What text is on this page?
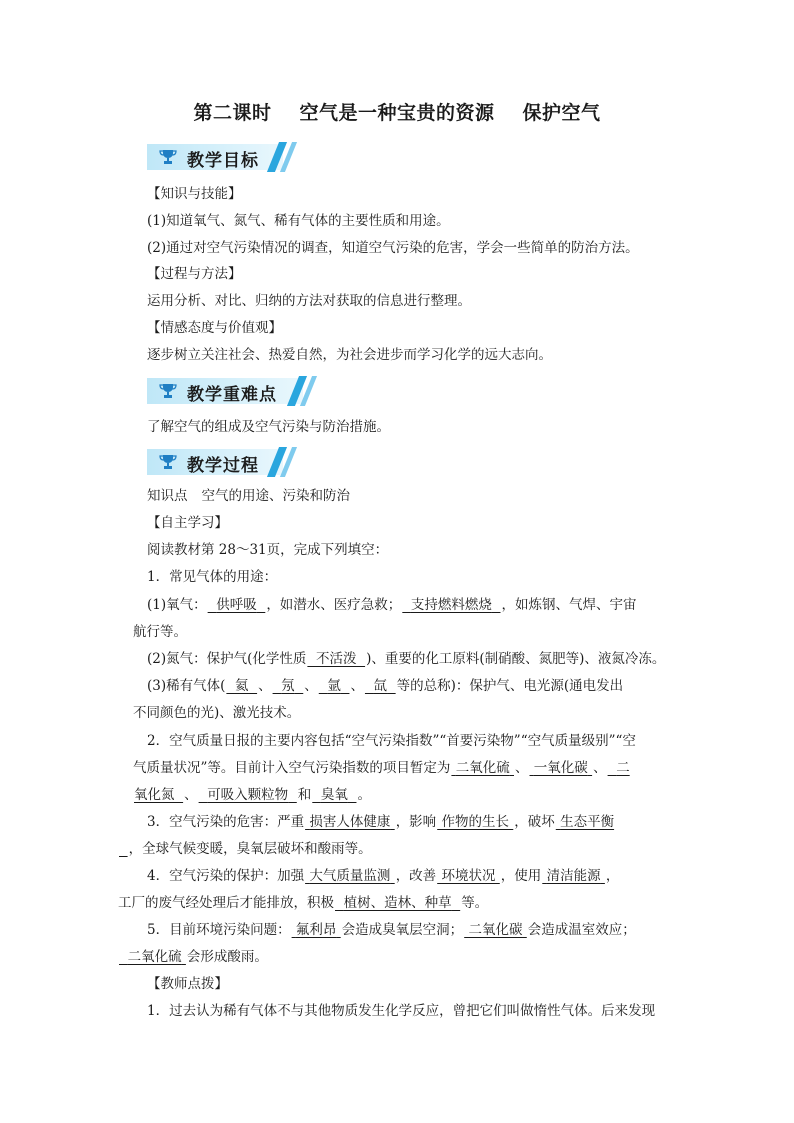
第二课时 空气是一种宝贵的资源 保护空气
教学目标
【知识与技能】
(1)知道氧气、氮气、稀有气体的主要性质和用途。
(2)通过对空气污染情况的调查，知道空气污染的危害，学会一些简单的防治方法。
【过程与方法】
运用分析、对比、归纳的方法对获取的信息进行整理。
【情感态度与价值观】
逐步树立关注社会、热爱自然，为社会进步而学习化学的远大志向。
教学重难点
了解空气的组成及空气污染与防治措施。
教学过程
知识点 空气的用途、污染和防治
【自主学习】
阅读教材第 28～31页，完成下列填空：
1．常见气体的用途：
(1)氧气： 供呼吸 ，如潜水、医疗急救； 支持燃料燃烧 ，如炼钢、气焊、宇宙
航行等。
(2)氮气：保护气(化学性质 不活泼 )、重要的化工原料(制硝酸、氮肥等)、液氮冷冻。
(3)稀有气体( 氦 、 氖 、 氩 、 氙 等的总称)：保护气、电光源(通电发出
不同颜色的光)、激光技术。
2．空气质量日报的主要内容包括“空气污染指数”“首要污染物”“空气质量级别”“空
气质量状况”等。目前计入空气污染指数的项目暂定为 二氧化硫 、 一氧化碳 、 二
氧化氮 、 可吸入颗粒物 和 臭氧 。
3．空气污染的危害：严重 损害人体健康 ，影响 作物的生长 ，破坏 生态平衡
，全球气候变暖，臭氧层破坏和酸雨等。
4．空气污染的保护：加强 大气质量监测 ，改善 环境状况 ，使用 清洁能源 ，
工厂的废气经处理后才能排放，积极 植树、造林、种草 等。
5．目前环境污染问题： 氟利昂 会造成臭氧层空洞； 二氧化碳 会造成温室效应；
二氧化硫 会形成酸雨。
【教师点拨】
1．过去认为稀有气体不与其他物质发生化学反应，曾把它们叫做惰性气体。后来发现
